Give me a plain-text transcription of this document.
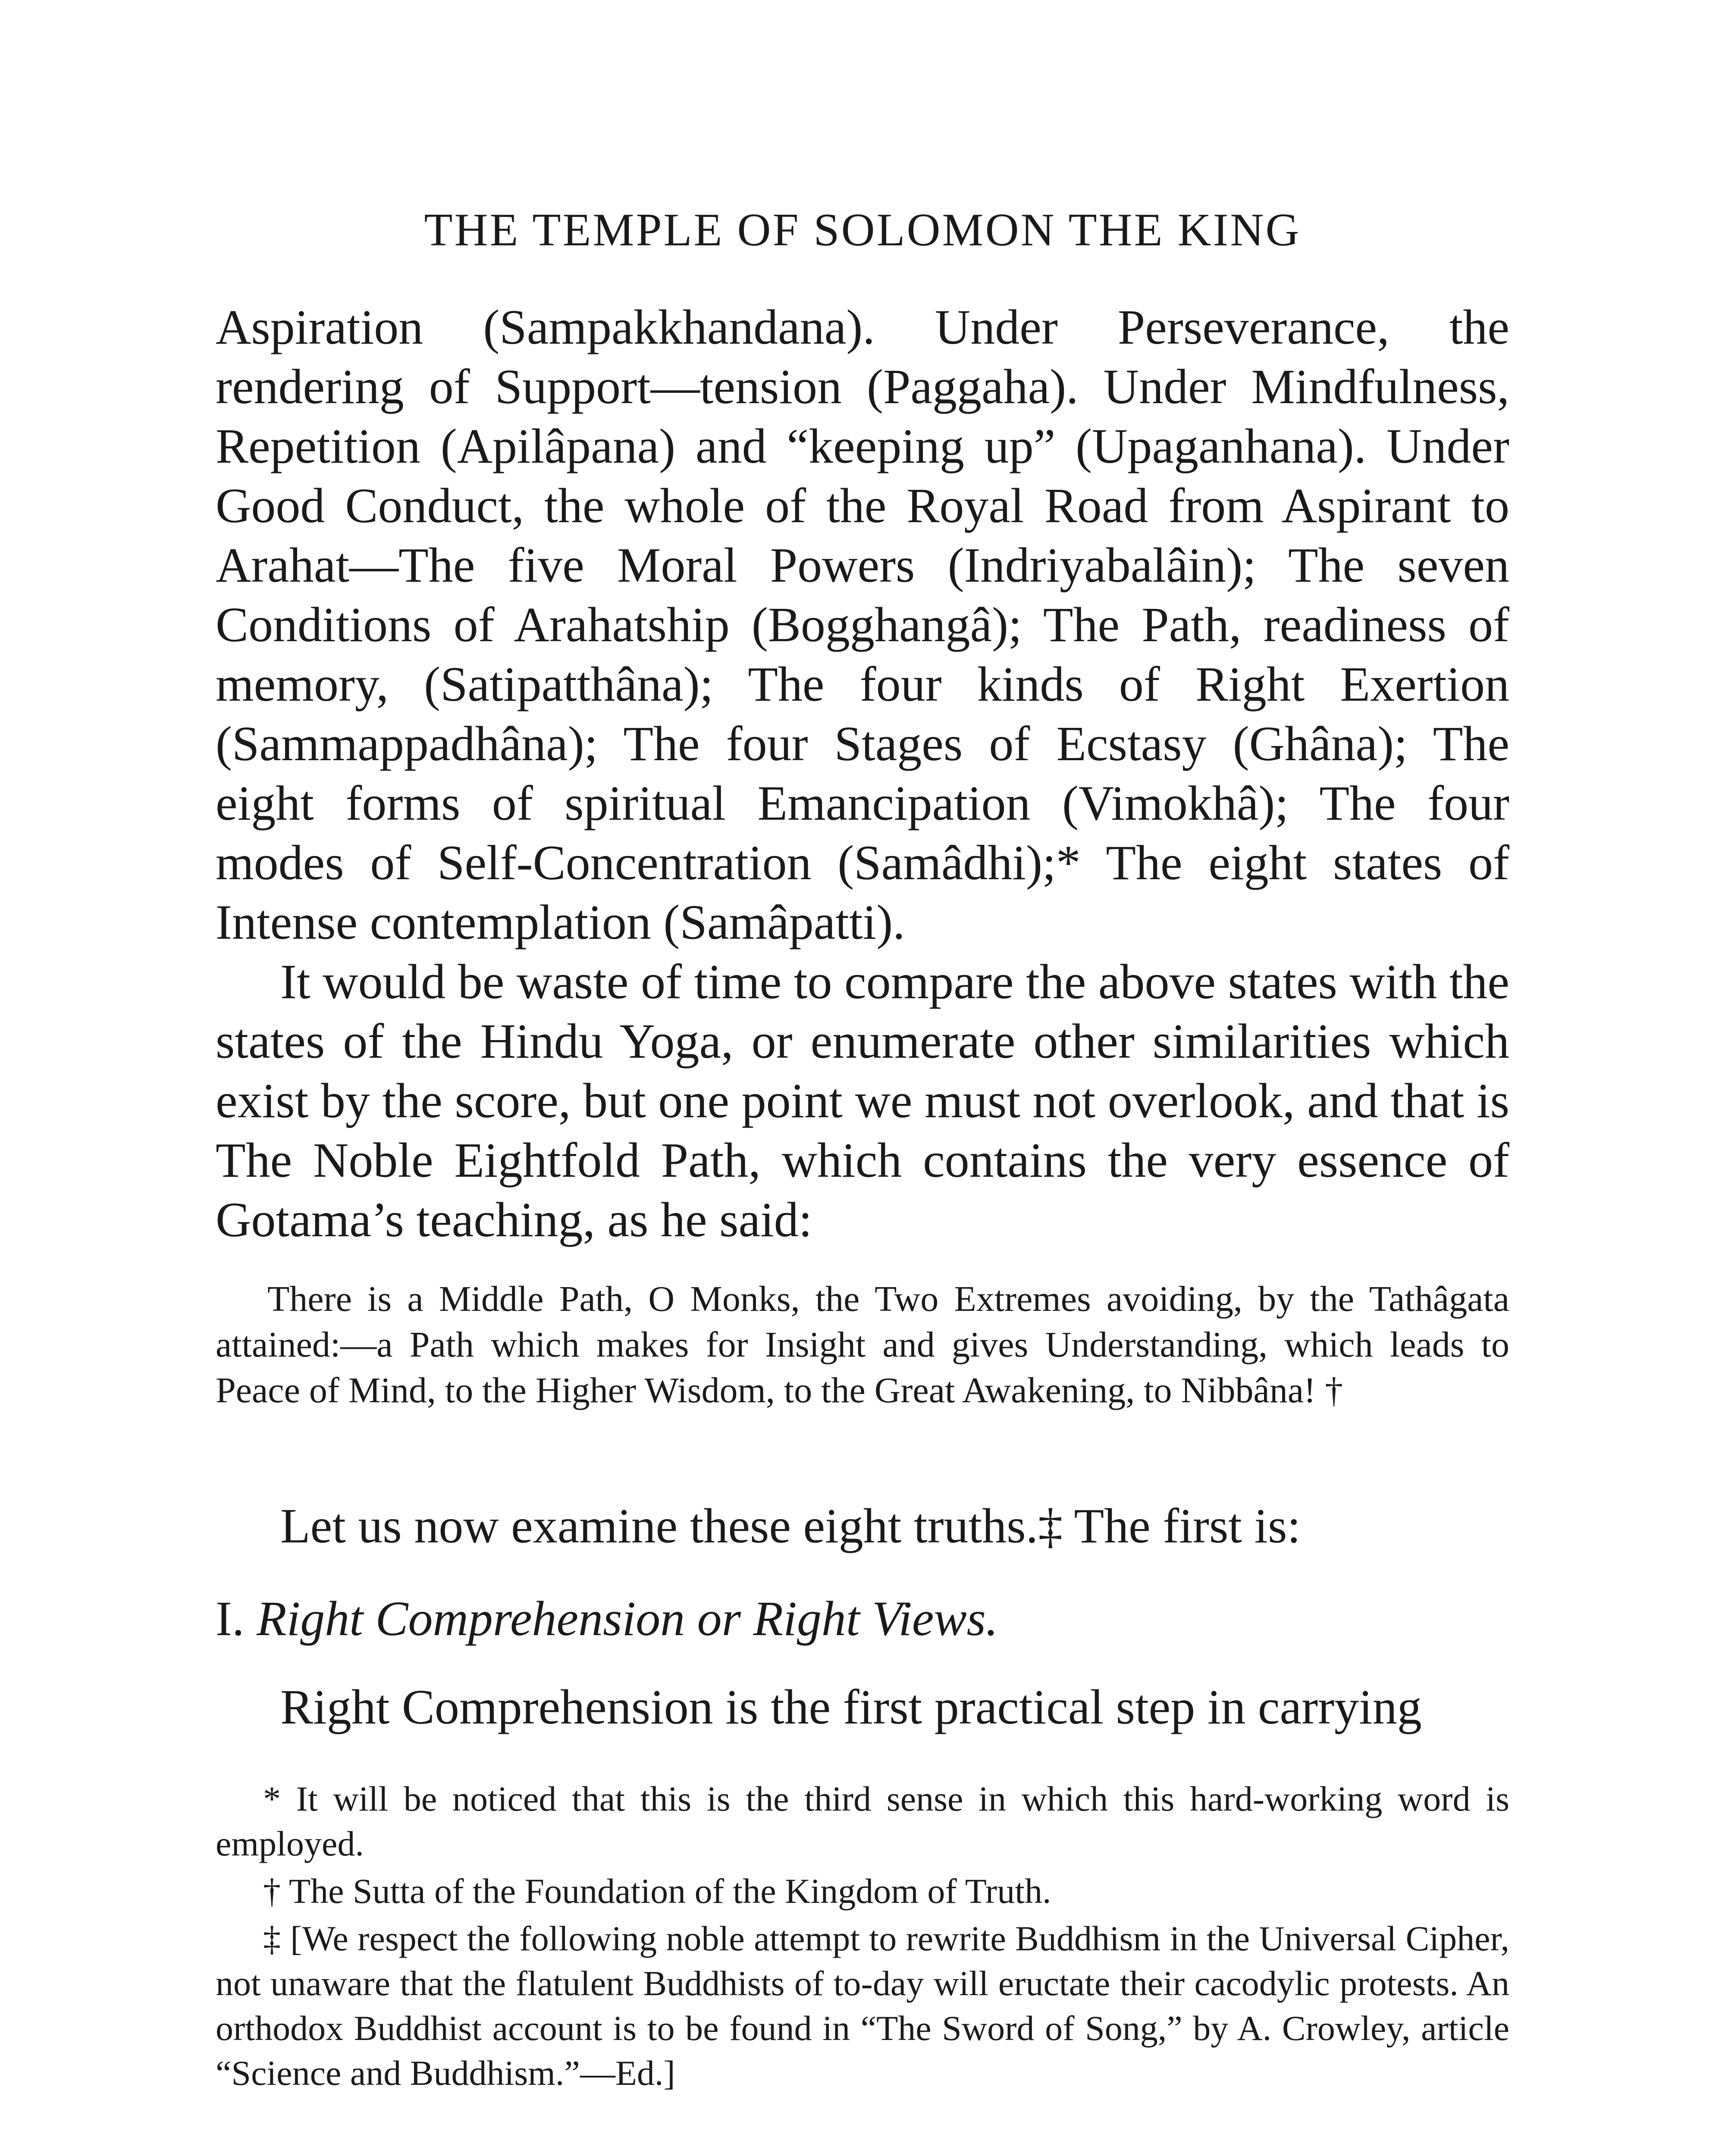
THE TEMPLE OF SOLOMON THE KING

Aspiration (Sampakkhandana). Under Perseverance, the rendering of Support—tension (Paggaha). Under Mindfulness, Repetition (Apilâpana) and “keeping up” (Upaganhana). Under Good Conduct, the whole of the Royal Road from Aspirant to Arahat—The five Moral Powers (Indriyabalâin); The seven Conditions of Arahatship (Bogghangâ); The Path, readiness of memory, (Satipatthâna); The four kinds of Right Exertion (Sammappadhâna); The four Stages of Ecstasy (Ghâna); The eight forms of spiritual Emancipation (Vimokhâ); The four modes of Self-Concentration (Samâdhi);* The eight states of Intense contemplation (Samâpatti).

It would be waste of time to compare the above states with the states of the Hindu Yoga, or enumerate other similarities which exist by the score, but one point we must not overlook, and that is The Noble Eightfold Path, which contains the very essence of Gotama’s teaching, as he said:

There is a Middle Path, O Monks, the Two Extremes avoiding, by the Tathâgata attained:—a Path which makes for Insight and gives Understanding, which leads to Peace of Mind, to the Higher Wisdom, to the Great Awakening, to Nibbâna! †
Let us now examine these eight truths.‡ The first is:
I. Right Comprehension or Right Views.
Right Comprehension is the first practical step in carrying

* It will be noticed that this is the third sense in which this hard-working word is employed.

† The Sutta of the Foundation of the Kingdom of Truth.

‡ [We respect the following noble attempt to rewrite Buddhism in the Universal Cipher, not unaware that the flatulent Buddhists of to-day will eructate their cacodylic protests. An orthodox Buddhist account is to be found in “The Sword of Song,” by A. Crowley, article “Science and Buddhism.”—Ed.]
